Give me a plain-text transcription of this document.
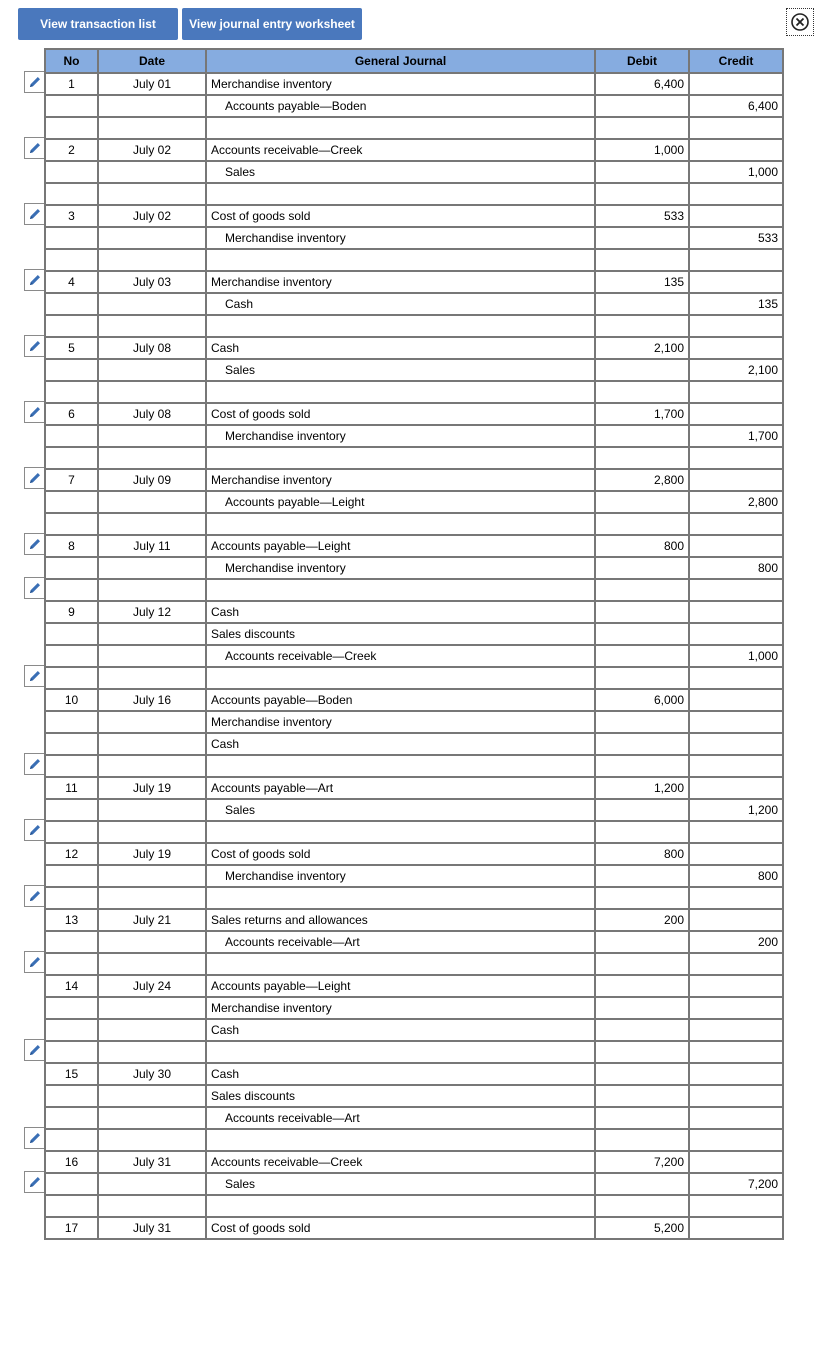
View transaction list	View journal entry worksheet
No	Date	General Journal	Debit	Credit
1	July 01	Merchandise inventory	6,400	
		Accounts payable—Boden		6,400

2	July 02	Accounts receivable—Creek	1,000	
		Sales		1,000

3	July 02	Cost of goods sold	533	
		Merchandise inventory		533

4	July 03	Merchandise inventory	135	
		Cash		135

5	July 08	Cash	2,100	
		Sales		2,100

6	July 08	Cost of goods sold	1,700	
		Merchandise inventory		1,700

7	July 09	Merchandise inventory	2,800	
		Accounts payable—Leight		2,800

8	July 11	Accounts payable—Leight	800	
		Merchandise inventory		800

9	July 12	Cash		
		Sales discounts		
		Accounts receivable—Creek		1,000

10	July 16	Accounts payable—Boden	6,000	
		Merchandise inventory		
		Cash		

11	July 19	Accounts payable—Art	1,200	
		Sales		1,200

12	July 19	Cost of goods sold	800	
		Merchandise inventory		800

13	July 21	Sales returns and allowances	200	
		Accounts receivable—Art		200

14	July 24	Accounts payable—Leight		
		Merchandise inventory		
		Cash		

15	July 30	Cash		
		Sales discounts		
		Accounts receivable—Art		

16	July 31	Accounts receivable—Creek	7,200	
		Sales		7,200

17	July 31	Cost of goods sold	5,200	
